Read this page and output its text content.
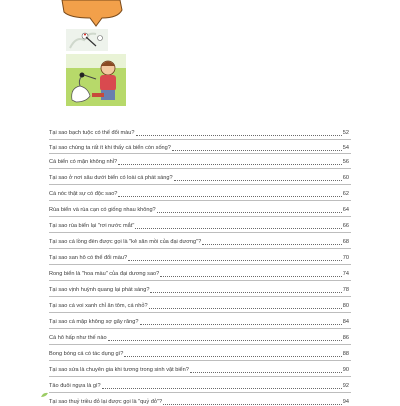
Tại sao bạch tuộc có thể đổi màu?	52
Tại sao chúng ta rất ít khi thấy cá biển còn sống?	54
Cá biển có mặn không nhỉ?	56
Tại sao ở nơi sâu dưới biển có loài cá phát sáng?	60
Cá nóc thật sự có độc sao?	62
Rùa biển và rùa cạn có giống nhau không?	64
Tại sao rùa biển lại "rơi nước mắt"	66
Tại sao cá lồng đèn được gọi là "kẻ săn mồi của đại dương"?	68
Tại sao san hô có thể đổi màu?	70
Rong biển là "hoa màu" của đại dương sao?	74
Tại sao vịnh huỳnh quang lại phát sáng?	78
Tại sao cá voi xanh chỉ ăn tôm, cá nhỏ?	80
Tại sao cá mập không sợ gãy răng?	84
Cá hô hấp như thế nào	86
Bong bóng cá có tác dụng gì?	88
Tại sao sứa là chuyên gia khi tương trong sinh vật biển?	90
Tảo đuôi ngựa là gì?	92
Tại sao thuỷ triều đỏ lại được gọi là "quỷ đỏ"?	94
